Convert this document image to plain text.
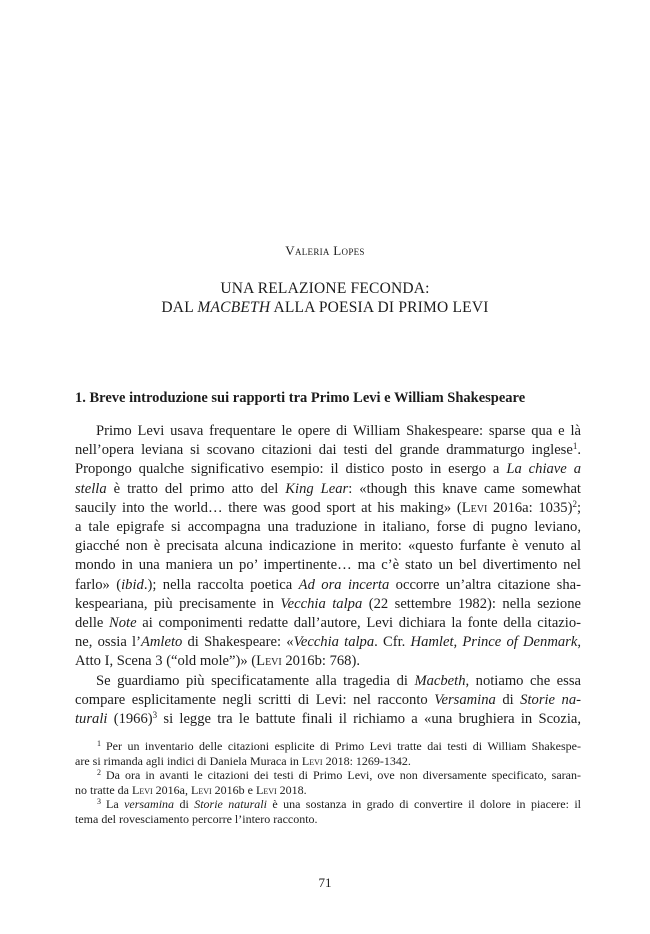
Valeria Lopes
UNA RELAZIONE FECONDA:
DAL MACBETH ALLA POESIA DI PRIMO LEVI
1. Breve introduzione sui rapporti tra Primo Levi e William Shakespeare
Primo Levi usava frequentare le opere di William Shakespeare: sparse qua e là
nell’opera leviana si scovano citazioni dai testi del grande drammaturgo inglese$^1$.
Propongo qualche significativo esempio: il distico posto in esergo a La chiave a
stella è tratto del primo atto del King Lear: «though this knave came somewhat
saucily into the world… there was good sport at his making» (Levi 2016a: 1035)$^2$;
a tale epigrafe si accompagna una traduzione in italiano, forse di pugno leviano,
giacché non è precisata alcuna indicazione in merito: «questo furfante è venuto al
mondo in una maniera un po’ impertinente… ma c’è stato un bel divertimento nel
farlo» (ibid.); nella raccolta poetica Ad ora incerta occorre un’altra citazione sha-
kespeariana, più precisamente in Vecchia talpa (22 settembre 1982): nella sezione
delle Note ai componimenti redatte dall’autore, Levi dichiara la fonte della citazio-
ne, ossia l’Amleto di Shakespeare: «Vecchia talpa. Cfr. Hamlet, Prince of Denmark,
Atto I, Scena 3 (“old mole”)» (Levi 2016b: 768).
Se guardiamo più specificatamente alla tragedia di Macbeth, notiamo che essa
compare esplicitamente negli scritti di Levi: nel racconto Versamina di Storie na-
turali $(1966)^3$ si legge tra le battute finali il richiamo a «una brughiera in Scozia,
$^1$ Per un inventario delle citazioni esplicite di Primo Levi tratte dai testi di William Shakespe-
are si rimanda agli indici di Daniela Muraca in Levi 2018: 1269-1342.
$^2$ Da ora in avanti le citazioni dei testi di Primo Levi, ove non diversamente specificato, saran-
no tratte da Levi 2016a, Levi 2016b e Levi 2018.
$^3$ La versamina di Storie naturali è una sostanza in grado di convertire il dolore in piacere: il
tema del rovesciamento percorre l’intero racconto.
71
